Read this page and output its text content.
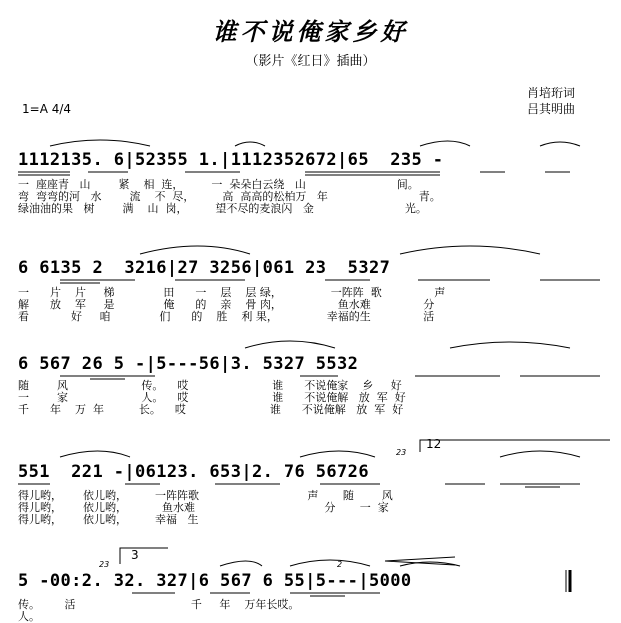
谁不说俺家乡好
（影片《红日》插曲）
肖培珩词
吕其明曲
1=A 4/4
1112135. 6|52355 1.|1112352672|65  235 -
一  座座青   山        紧    相  连，        一  朵朵白云绕   山                          间。
弯  弯弯的河   水        流    不  尽，        高  高高的松柏万   年                          青。
绿油油的果   树        满    山  岗，        望不尽的麦浪闪   金                          光。
6 6135 2  3216|27 3256|061 23  5327
一      片    片     梯              田      一    层    层 绿，              一阵阵  歌               声
解      放    军     是              俺      的    亲    骨 肉，                鱼水难               分
看            好     咱              们      的    胜    利 果，              幸福的生               活
6 567 26 5 -|5---56|3. 5327 5532
随        风                     传。    哎                        谁      不说俺家    乡     好
一        家                     人。    哎                        谁      不说俺解   放  军  好
千      年    万  年          长。    哎                        谁      不说俺解   放  军  好
551  221 -|06123. 653|2. 76 56726
得儿哟，      依儿哟，        一阵阵歌                               声       随        风
得儿哟，      依儿哟，          鱼水难                                     分       一  家
得儿哟，      依儿哟，        幸福   生
5 -00:2. 32. 327|6 567 6 55|5---|5000
传。       活                                 千     年    万年长哎。
人。
12
3
23
23	2
